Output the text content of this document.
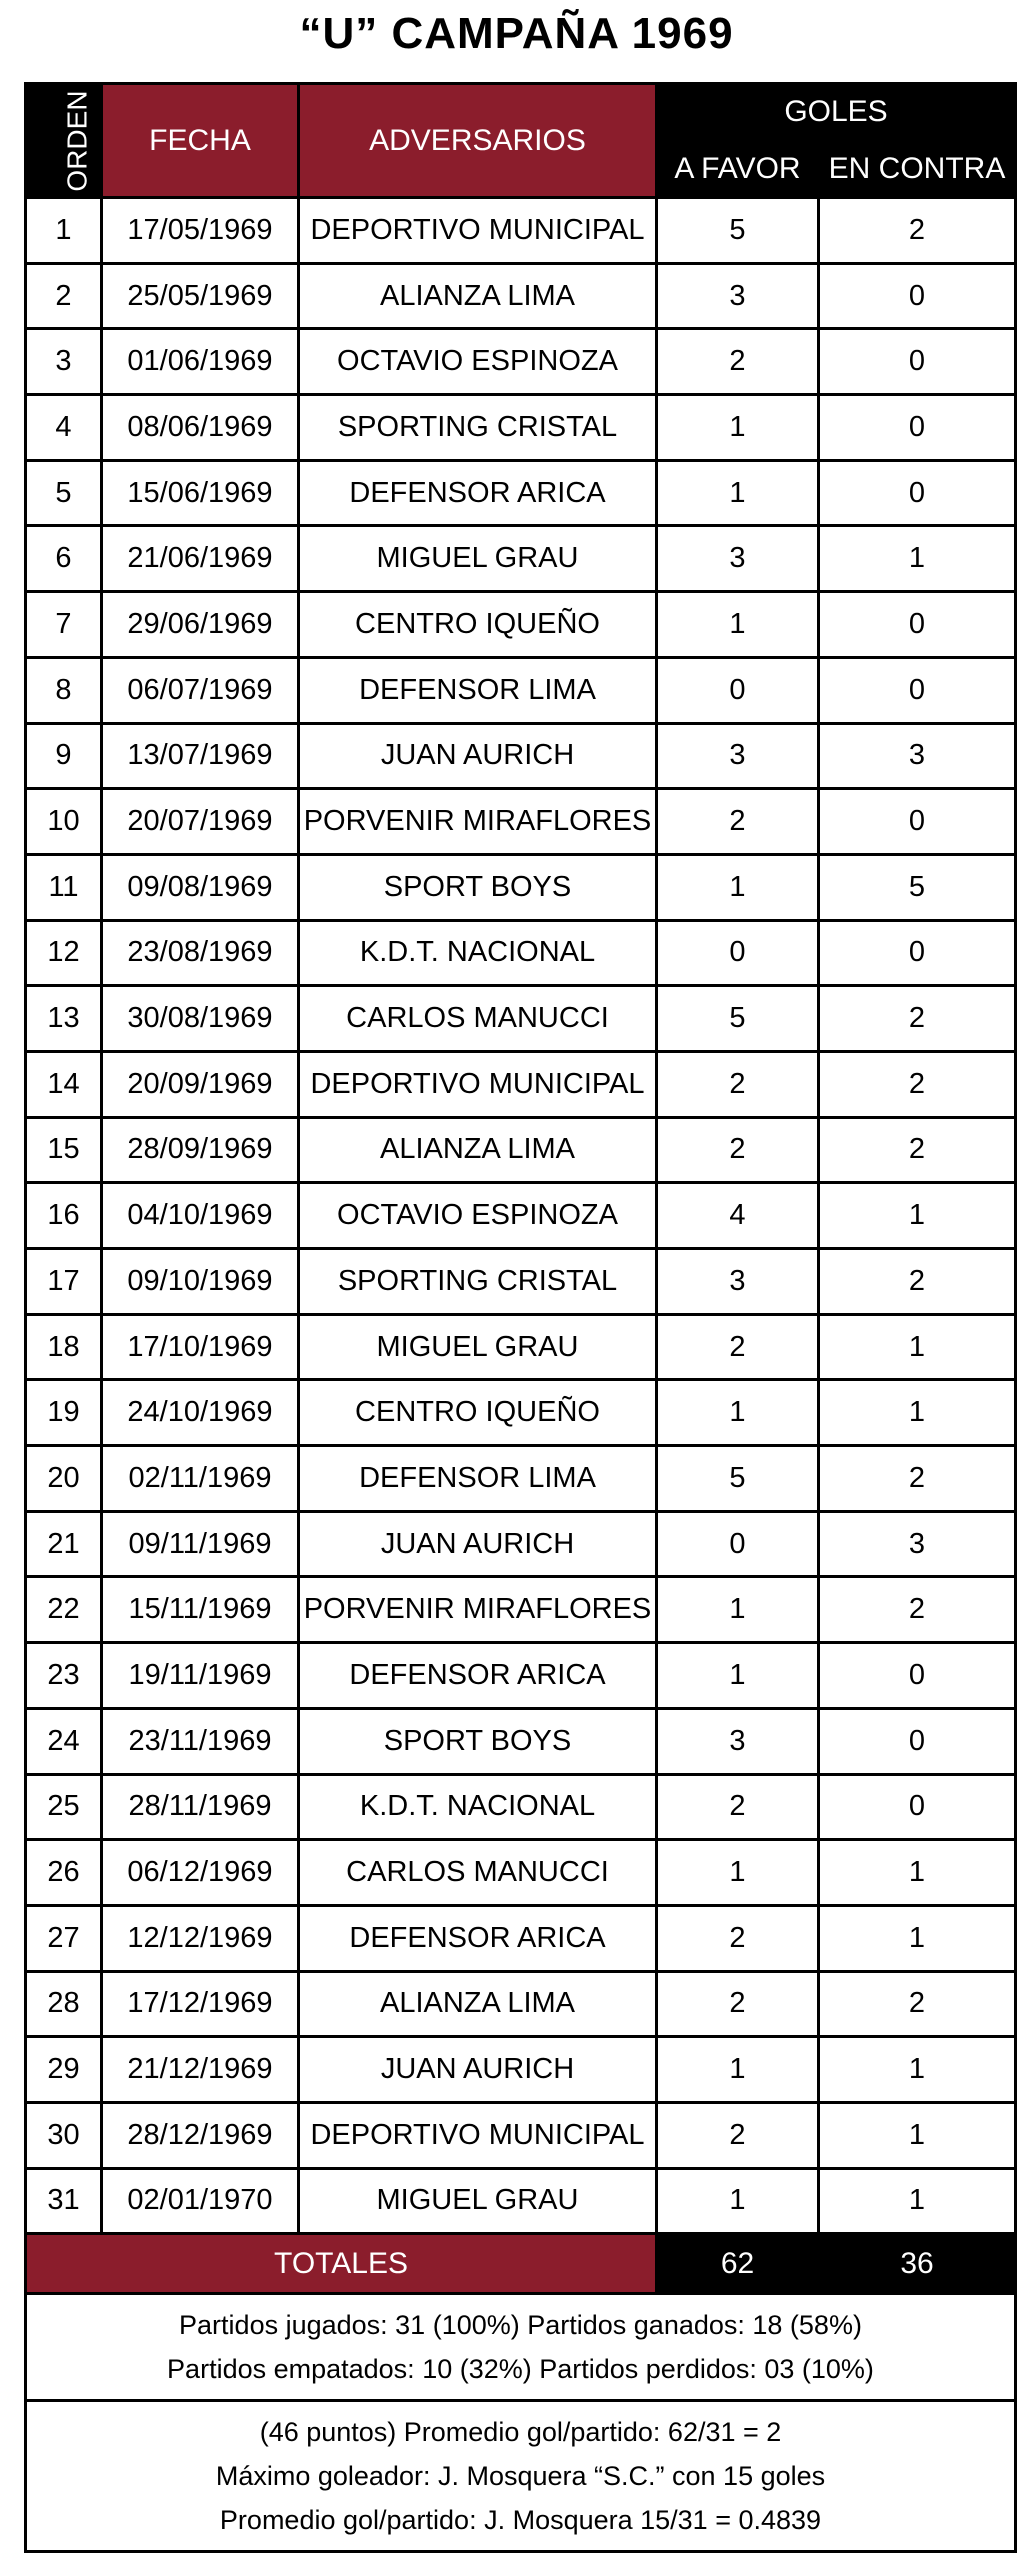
“U” CAMPAÑA 1969
ORDEN	FECHA	ADVERSARIOS	GOLES	
			A FAVOR	EN CONTRA
1	17/05/1969	DEPORTIVO MUNICIPAL	5	2
2	25/05/1969	ALIANZA LIMA	3	0
3	01/06/1969	OCTAVIO ESPINOZA	2	0
4	08/06/1969	SPORTING CRISTAL	1	0
5	15/06/1969	DEFENSOR ARICA	1	0
6	21/06/1969	MIGUEL GRAU	3	1
7	29/06/1969	CENTRO IQUEÑO	1	0
8	06/07/1969	DEFENSOR LIMA	0	0
9	13/07/1969	JUAN AURICH	3	3
10	20/07/1969	PORVENIR MIRAFLORES	2	0
11	09/08/1969	SPORT BOYS	1	5
12	23/08/1969	K.D.T. NACIONAL	0	0
13	30/08/1969	CARLOS MANUCCI	5	2
14	20/09/1969	DEPORTIVO MUNICIPAL	2	2
15	28/09/1969	ALIANZA LIMA	2	2
16	04/10/1969	OCTAVIO ESPINOZA	4	1
17	09/10/1969	SPORTING CRISTAL	3	2
18	17/10/1969	MIGUEL GRAU	2	1
19	24/10/1969	CENTRO IQUEÑO	1	1
20	02/11/1969	DEFENSOR LIMA	5	2
21	09/11/1969	JUAN AURICH	0	3
22	15/11/1969	PORVENIR MIRAFLORES	1	2
23	19/11/1969	DEFENSOR ARICA	1	0
24	23/11/1969	SPORT BOYS	3	0
25	28/11/1969	K.D.T. NACIONAL	2	0
26	06/12/1969	CARLOS MANUCCI	1	1
27	12/12/1969	DEFENSOR ARICA	2	1
28	17/12/1969	ALIANZA LIMA	2	2
29	21/12/1969	JUAN AURICH	1	1
30	28/12/1969	DEPORTIVO MUNICIPAL	2	1
31	02/01/1970	MIGUEL GRAU	1	1
TOTALES			62	36

Partidos jugados: 31 (100%) Partidos ganados: 18 (58%)
Partidos empatados: 10 (32%) Partidos perdidos: 03 (10%)				

(46 puntos) Promedio gol/partido: 62/31 = 2
Máximo goleador: J. Mosquera “S.C.” con 15 goles
Promedio gol/partido: J. Mosquera 15/31 = 0.4839				
